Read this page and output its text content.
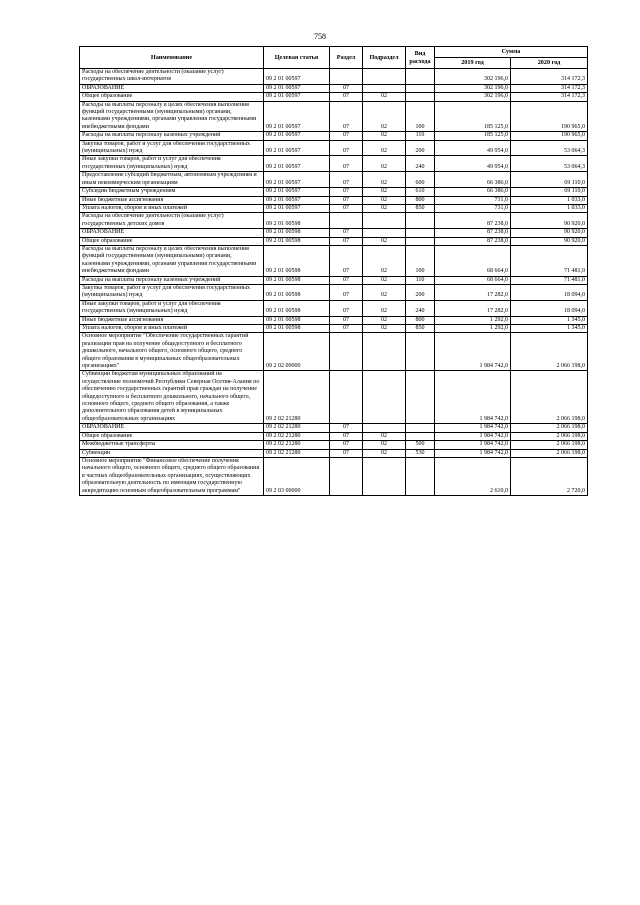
758
Наименование	Целевая статья	Раздел	Подраздел	Вид расхода	Сумма	
					2019 год	2020 год

Расходы на обеспечение деятельности (оказание услуг) государственных школ-интернатов	09 2 01 00597				302 196,0	314 172,3

ОБРАЗОВАНИЕ	09 2 01 00597	07			302 196,0	314 172,3

Общее образование	09 2 01 00597	07	02		302 196,0	314 172,3

Расходы на выплаты персоналу в целях обеспечения выполнения функций государственными (муниципальными) органами, казенными учреждениями, органами управления государственными внебюджетными фондами	09 2 01 00597	07	02	100	185 125,0	190 965,0

Расходы на выплаты персоналу казенных учреждений	09 2 01 00597	07	02	110	185 125,0	190 965,0

Закупка товаров, работ и услуг для обеспечения государственных (муниципальных) нужд	09 2 01 00597	07	02	200	49 954,0	53 064,3

Иные закупки товаров, работ и услуг для обеспечения государственных (муниципальных) нужд	09 2 01 00597	07	02	240	49 954,0	53 064,3

Предоставление субсидий бюджетным, автономным учреждениям и иным некоммерческим организациям	09 2 01 00597	07	02	600	66 386,0	69 110,0

Субсидии бюджетным учреждениям	09 2 01 00597	07	02	610	66 386,0	69 110,0

Иные бюджетные ассигнования	09 2 01 00597	07	02	800	731,0	1 033,0

Уплата налогов, сборов и иных платежей	09 2 01 00597	07	02	850	731,0	1 033,0

Расходы на обеспечение деятельности (оказание услуг) государственных детских домов	09 2 01 00598				87 238,0	90 920,0

ОБРАЗОВАНИЕ	09 2 01 00598	07			87 238,0	90 920,0

Общее образование	09 2 01 00598	07	02		87 238,0	90 920,0

Расходы на выплаты персоналу в целях обеспечения выполнения функций государственными (муниципальными) органами, казенными учреждениями, органами управления государственными внебюджетными фондами	09 2 01 00598	07	02	100	68 664,0	71 481,0

Расходы на выплаты персоналу казенных учреждений	09 2 01 00598	07	02	110	68 664,0	71 481,0

Закупка товаров, работ и услуг для обеспечения государственных (муниципальных) нужд	09 2 01 00598	07	02	200	17 282,0	18 094,0

Иные закупки товаров, работ и услуг для обеспечения государственных (муниципальных) нужд	09 2 01 00598	07	02	240	17 282,0	18 094,0

Иные бюджетные ассигнования	09 2 01 00598	07	02	800	1 292,0	1 345,0

Уплата налогов, сборов и иных платежей	09 2 01 00598	07	02	850	1 292,0	1 345,0

Основное мероприятие "Обеспечение государственных гарантий реализации прав на получение общедоступного и бесплатного дошкольного, начального общего, основного общего, среднего общего образования в муниципальных общеобразовательных организациях"	09 2 02 00000				1 984 742,0	2 066 198,0

Субвенции бюджетам муниципальных образований на осуществление полномочий Республики Северная Осетия-Алания по обеспечению государственных гарантий прав граждан на получение общедоступного и бесплатного дошкольного, начального общего, основного общего, среднего общего образования, а также дополнительного образования детей в муниципальных общеобразовательных организациях	09 2 02 21280				1 984 742,0	2 066 198,0

ОБРАЗОВАНИЕ	09 2 02 21280	07			1 984 742,0	2 066 198,0

Общее образование	09 2 02 21280	07	02		1 984 742,0	2 066 198,0

Межбюджетные трансферты	09 2 02 21280	07	02	500	1 984 742,0	2 066 198,0

Субвенции	09 2 02 21280	07	02	530	1 984 742,0	2 066 198,0

Основное мероприятие "Финансовое обеспечение получения начального общего, основного общего, среднего общего образования в частных общеобразовательных организациях, осуществляющих образовательную деятельность по имеющим государственную аккредитацию основным общеобразовательным программам"	09 2 03 00000				2 610,0	2 720,0
